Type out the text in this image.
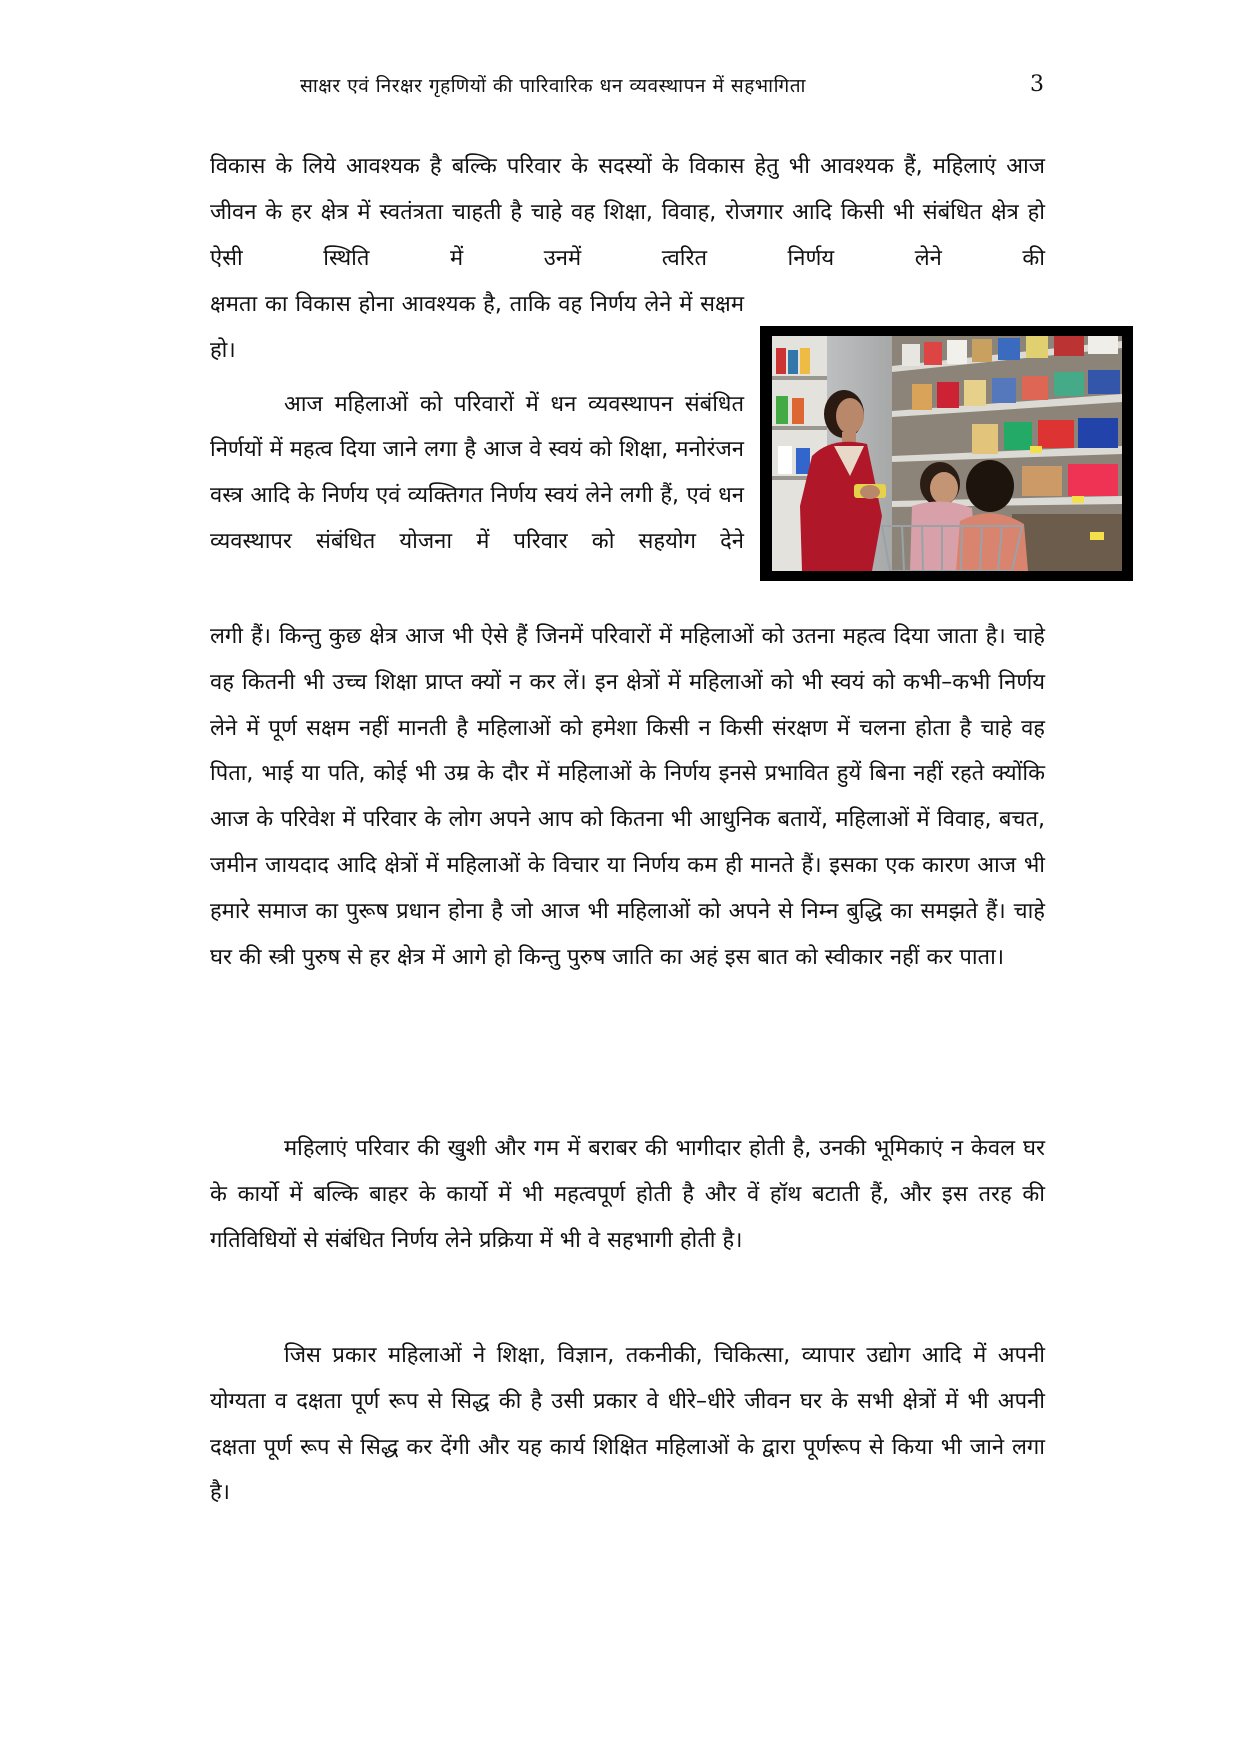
साक्षर एवं निरक्षर गृहणियों की पारिवारिक धन व्यवस्थापन में सहभागिता	3

विकास के लिये आवश्यक है बल्कि परिवार के सदस्यों के विकास हेतु भी आवश्यक हैं, महिलाएं आज जीवन के हर क्षेत्र में स्वतंत्रता चाहती है चाहे वह शिक्षा, विवाह, रोजगार आदि किसी भी संबंधित क्षेत्र हो ऐसी स्थिति में उनमें त्वरित निर्णय लेने की

क्षमता का विकास होना आवश्यक है, ताकि वह निर्णय लेने में सक्षम हो।

आज महिलाओं को परिवारों में धन व्यवस्थापन संबंधित निर्णयों में महत्व दिया जाने लगा है आज वे स्वयं को शिक्षा, मनोरंजन वस्त्र आदि के निर्णय एवं व्यक्तिगत निर्णय स्वयं लेने लगी हैं, एवं धन व्यवस्थापर संबंधित योजना में परिवार को सहयोग देने

लगी हैं। किन्तु कुछ क्षेत्र आज भी ऐसे हैं जिनमें परिवारों में महिलाओं को उतना महत्व दिया जाता है। चाहे वह कितनी भी उच्च शिक्षा प्राप्त क्यों न कर लें। इन क्षेत्रों में महिलाओं को भी स्वयं को कभी–कभी निर्णय लेने में पूर्ण सक्षम नहीं मानती है महिलाओं को हमेशा किसी न किसी संरक्षण में चलना होता है चाहे वह पिता, भाई या पति, कोई भी उम्र के दौर में महिलाओं के निर्णय इनसे प्रभावित हुयें बिना नहीं रहते क्योंकि आज के परिवेश में परिवार के लोग अपने आप को कितना भी आधुनिक बतायें, महिलाओं में विवाह, बचत, जमीन जायदाद आदि क्षेत्रों में महिलाओं के विचार या निर्णय कम ही मानते हैं। इसका एक कारण आज भी हमारे समाज का पुरूष प्रधान होना है जो आज भी महिलाओं को अपने से निम्न बुद्धि का समझते हैं। चाहे घर की स्त्री पुरुष से हर क्षेत्र में आगे हो किन्तु पुरुष जाति का अहं इस बात को स्वीकार नहीं कर पाता।

महिलाएं परिवार की खुशी और गम में बराबर की भागीदार होती है, उनकी भूमिकाएं न केवल घर के कार्यो में बल्कि बाहर के कार्यो में भी महत्वपूर्ण होती है और वें हॉथ बटाती हैं, और इस तरह की गतिविधियों से संबंधित निर्णय लेने प्रक्रिया में भी वे सहभागी होती है।

जिस प्रकार महिलाओं ने शिक्षा, विज्ञान, तकनीकी, चिकित्सा, व्यापार उद्योग आदि में अपनी योग्यता व दक्षता पूर्ण रूप से सिद्ध की है उसी प्रकार वे धीरे–धीरे जीवन घर के सभी क्षेत्रों में भी अपनी दक्षता पूर्ण रूप से सिद्ध कर देंगी और यह कार्य शिक्षित महिलाओं के द्वारा पूर्णरूप से किया भी जाने लगा है।
